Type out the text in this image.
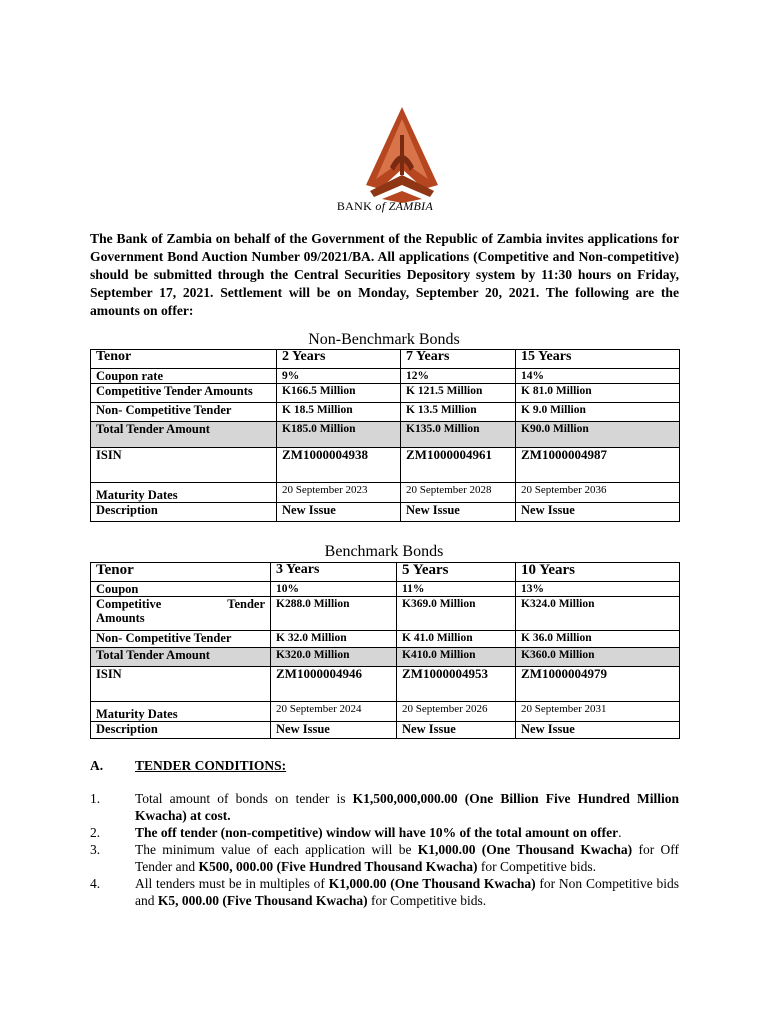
BANK of ZAMBIA

The Bank of Zambia on behalf of the Government of the Republic of Zambia invites applications for Government Bond Auction Number 09/2021/BA. All applications (Competitive and Non-competitive) should be submitted through the Central Securities Depository system by 11:30 hours on Friday, September 17, 2021. Settlement will be on Monday, September 20, 2021. The following are the amounts on offer:

Non-Benchmark Bonds
Tenor	2 Years	7 Years	15 Years
Coupon rate	9%	12%	14%
Competitive Tender Amounts	K166.5 Million	K 121.5 Million	K 81.0 Million
Non- Competitive Tender	K 18.5 Million	K 13.5 Million	K 9.0 Million
Total Tender Amount	K185.0 Million	K135.0 Million	K90.0 Million
ISIN	ZM1000004938	ZM1000004961	ZM1000004987
Maturity Dates	20 September 2023	20 September 2028	20 September 2036
Description	New Issue	New Issue	New Issue
Benchmark Bonds
Tenor	3 Years	5 Years	10 Years
Coupon	10%	11%	13%

Competitive Tender
Amounts	K288.0 Million	K369.0 Million	K324.0 Million
Non- Competitive Tender	K 32.0 Million	K 41.0 Million	K 36.0 Million
Total Tender Amount	K320.0 Million	K410.0 Million	K360.0 Million
ISIN	ZM1000004946	ZM1000004953	ZM1000004979
Maturity Dates	20 September 2024	20 September 2026	20 September 2031
Description	New Issue	New Issue	New Issue
A. TENDER CONDITIONS:
1.	Total amount of bonds on tender is K1,500,000,000.00 (One Billion Five Hundred Million Kwacha) at cost.
2.	The off tender (non-competitive) window will have 10% of the total amount on offer.
3.	The minimum value of each application will be K1,000.00 (One Thousand Kwacha) for Off Tender and K500, 000.00 (Five Hundred Thousand Kwacha) for Competitive bids.
4.	All tenders must be in multiples of K1,000.00 (One Thousand Kwacha) for Non Competitive bids and K5, 000.00 (Five Thousand Kwacha) for Competitive bids.
